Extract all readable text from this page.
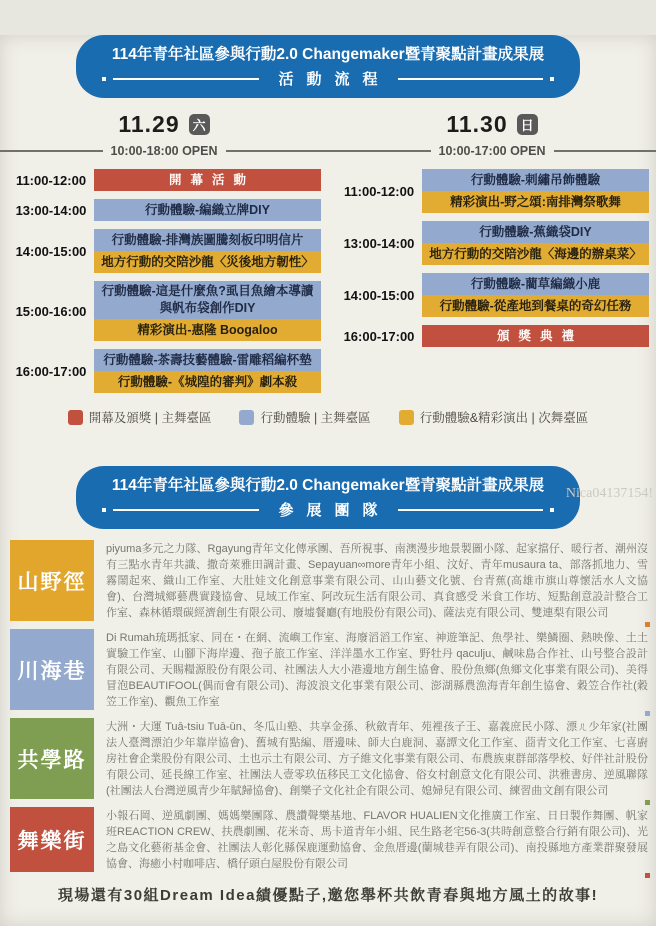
114年青年社區參與行動2.0 Changemaker暨青聚點計畫成果展
活動流程
11.29 六
10:00-18:00 OPEN
11.30 日
10:00-17:00 OPEN
11:00-12:00	開幕活動
13:00-14:00	行動體驗-編織立牌DIY
14:00-15:00
行動體驗-排灣族圖騰刻板印明信片
地方行動的交陪沙龍〈災後地方韌性〉
15:00-16:00
行動體驗-這是什麼魚?虱目魚繪本導讀與帆布袋創作DIY
精彩演出-惠隆 Boogaloo
16:00-17:00
行動體驗-茶壽技藝體驗-雷雕稻編杯墊
行動體驗-《城隍的審判》劇本殺
11:00-12:00
行動體驗-刺繡吊飾體驗
精彩演出-野之頌:南排灣祭歌舞
13:00-14:00
行動體驗-蕉織袋DIY
地方行動的交陪沙龍〈海邊的辦桌菜〉
14:00-15:00
行動體驗-藺草編織小鹿
行動體驗-從產地到餐桌的奇幻任務
16:00-17:00	頒獎典禮
開幕及頒獎 | 主舞臺區	行動體驗 | 主舞臺區	行動體驗&精彩演出 | 次舞臺區
Nica04137154!
114年青年社區參與行動2.0 Changemaker暨青聚點計畫成果展
參展團隊
山野徑
piyuma多元之力隊、Rgayung青年文化傳承團、吾所視事、南澳漫步地景製圖小隊、起家擋仔、暖行者、潮州沒有三點水青年共識、撒奇萊雅田調計畫、Sepayuan∞more青年小組、汶好、青年musaura ta、部落抓地力、雪霧鬧起來、織山工作室、大肚娃文化創意事業有限公司、山山藝文化號、台青蕉(高雄市旗山尊懷活水人文協會)、台灣城鄉藝農實踐協會、見域工作室、阿改玩生活有限公司、真食感受 米食工作坊、短點創意設計整合工作室、森林循環碳經濟創生有限公司、廢墟餐廳(有地股份有限公司)、薩法克有限公司、雙連梨有限公司
川海巷
Di Rumah琉瑪抵家、同在・在網、流嶼工作室、海廢滔滔工作室、神遊筆記、魚學社、樂鱗圈、熱映像、土土實驗工作室、山腳下海岸邊、孢子旅工作室、洋洋墨水工作室、野牡丹 qaculju、鹹味島合作社、山号整合設計有限公司、天賜糧源股份有限公司、社團法人大小港邊地方創生協會、股份魚鄉(魚鄉文化事業有限公司)、美得冒泡BEAUTIFOOL(偶而會有限公司)、海波浪文化事業有限公司、澎湖縣農漁海青年創生協會、穀笠合作社(穀笠工作室)、觀魚工作室
共學路
大洲・大運 Tuā-tsiu Tuā-ūn、冬瓜山塾、共享金孫、秋斂青年、苑裡孩子王、嘉義庶民小隊、漂ㄦ少年家(社團法人臺灣漂泊少年靠岸協會)、舊城有點編、厝邊味、師大白鹿洞、嘉譚文化工作室、莔青文化工作室、七喜廚房社會企業股份有限公司、土也示土有限公司、方子維文化事業有限公司、布農族東群部落學校、好伴社計股份有限公司、延長線工作室、社團法人壹零玖伍移民工文化協會、俗女村創意文化有限公司、洪雅書房、逆風聯隊(社團法人台灣逆風青少年賦歸協會)、創樂子文化社企有限公司、媳婦兒有限公司、練習曲文創有限公司
舞樂街
小報石岡、逆風劇團、媽媽樂團隊、農讚聲樂基地、FLAVOR HUALIEN文化推廣工作室、日日製作舞團、帆家班REACTION CREW、扶農劇團、花米奇、馬卡道青年小組、民生路老宅56-3(共時創意整合行銷有限公司)、光之島文化藝術基金會、社團法人彰化縣保鹿運動協會、金魚厝邊(蘭城巷弄有限公司)、南投縣地方產業群聚發展協會、海癒小村咖啡店、橋仔頭白屋股份有限公司
現場還有30組Dream Idea績優點子,邀您舉杯共飲青春與地方風土的故事!
